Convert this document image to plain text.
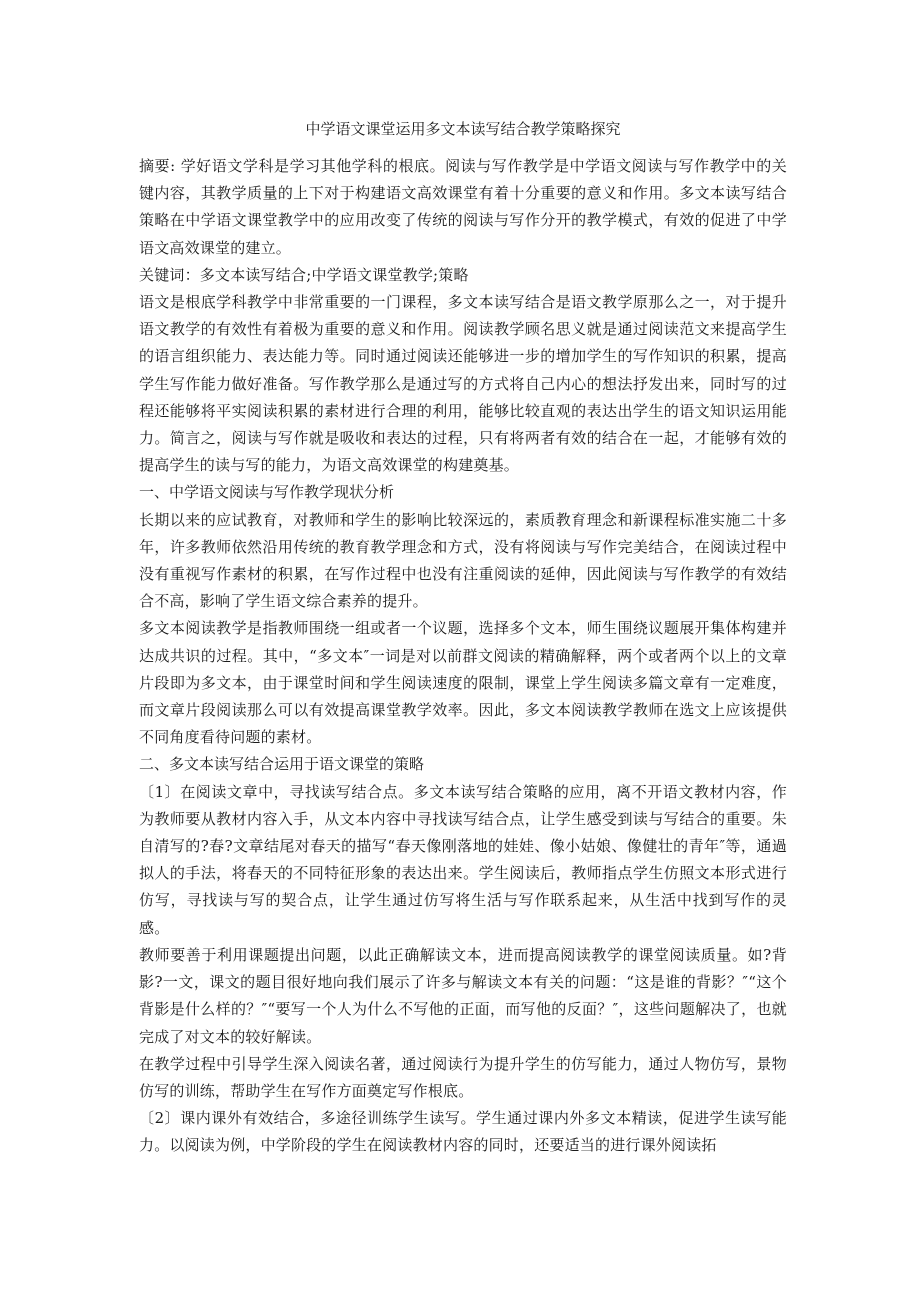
中学语文课堂运用多文本读写结合教学策略探究

摘要: 学好语文学科是学习其他学科的根底。阅读与写作教学是中学语文阅读与写作教学中的关键内容，其教学质量的上下对于构建语文高效课堂有着十分重要的意义和作用。多文本读写结合策略在中学语文课堂教学中的应用改变了传统的阅读与写作分开的教学模式，有效的促进了中学语文高效课堂的建立。

关键词：多文本读写结合;中学语文课堂教学;策略

语文是根底学科教学中非常重要的一门课程，多文本读写结合是语文教学原那么之一，对于提升语文教学的有效性有着极为重要的意义和作用。阅读教学顾名思义就是通过阅读范文来提高学生的语言组织能力、表达能力等。同时通过阅读还能够进一步的增加学生的写作知识的积累，提高学生写作能力做好准备。写作教学那么是通过写的方式将自己内心的想法抒发出来，同时写的过程还能够将平实阅读积累的素材进行合理的利用，能够比较直观的表达出学生的语文知识运用能力。简言之，阅读与写作就是吸收和表达的过程，只有将两者有效的结合在一起，才能够有效的提高学生的读与写的能力，为语文高效课堂的构建奠基。

一、中学语文阅读与写作教学现状分析

长期以来的应试教育，对教师和学生的影响比较深远的，素质教育理念和新课程标准实施二十多年，许多教师依然沿用传统的教育教学理念和方式，没有将阅读与写作完美结合，在阅读过程中没有重视写作素材的积累，在写作过程中也没有注重阅读的延伸，因此阅读与写作教学的有效结合不高，影响了学生语文综合素养的提升。

多文本阅读教学是指教师围绕一组或者一个议题，选择多个文本，师生围绕议题展开集体构建并达成共识的过程。其中，“多文本″一词是对以前群文阅读的精确解释，两个或者两个以上的文章片段即为多文本，由于课堂时间和学生阅读速度的限制，课堂上学生阅读多篇文章有一定难度，而文章片段阅读那么可以有效提高课堂教学效率。因此，多文本阅读教学教师在选文上应该提供不同角度看待问题的素材。

二、多文本读写结合运用于语文课堂的策略

〔1〕在阅读文章中，寻找读写结合点。多文本读写结合策略的应用，离不开语文教材内容，作为教师要从教材内容入手，从文本内容中寻找读写结合点，让学生感受到读与写结合的重要。朱自清写的?春?文章结尾对春天的描写“春天像刚落地的娃娃、像小姑娘、像健壮的青年″等，通過拟人的手法，将春天的不同特征形象的表达出来。学生阅读后，教师指点学生仿照文本形式进行仿写，寻找读与写的契合点，让学生通过仿写将生活与写作联系起来，从生活中找到写作的灵感。

教师要善于利用课题提出问题，以此正确解读文本，进而提高阅读教学的课堂阅读质量。如?背影?一文，课文的题目很好地向我们展示了许多与解读文本有关的问题：“这是谁的背影？″“这个背影是什么样的？″“要写一个人为什么不写他的正面，而写他的反面？″，这些问题解决了，也就完成了对文本的较好解读。

在教学过程中引导学生深入阅读名著，通过阅读行为提升学生的仿写能力，通过人物仿写，景物仿写的训练，帮助学生在写作方面奠定写作根底。

〔2〕课内课外有效结合，多途径训练学生读写。学生通过课内外多文本精读，促进学生读写能力。以阅读为例，中学阶段的学生在阅读教材内容的同时，还要适当的进行课外阅读拓
